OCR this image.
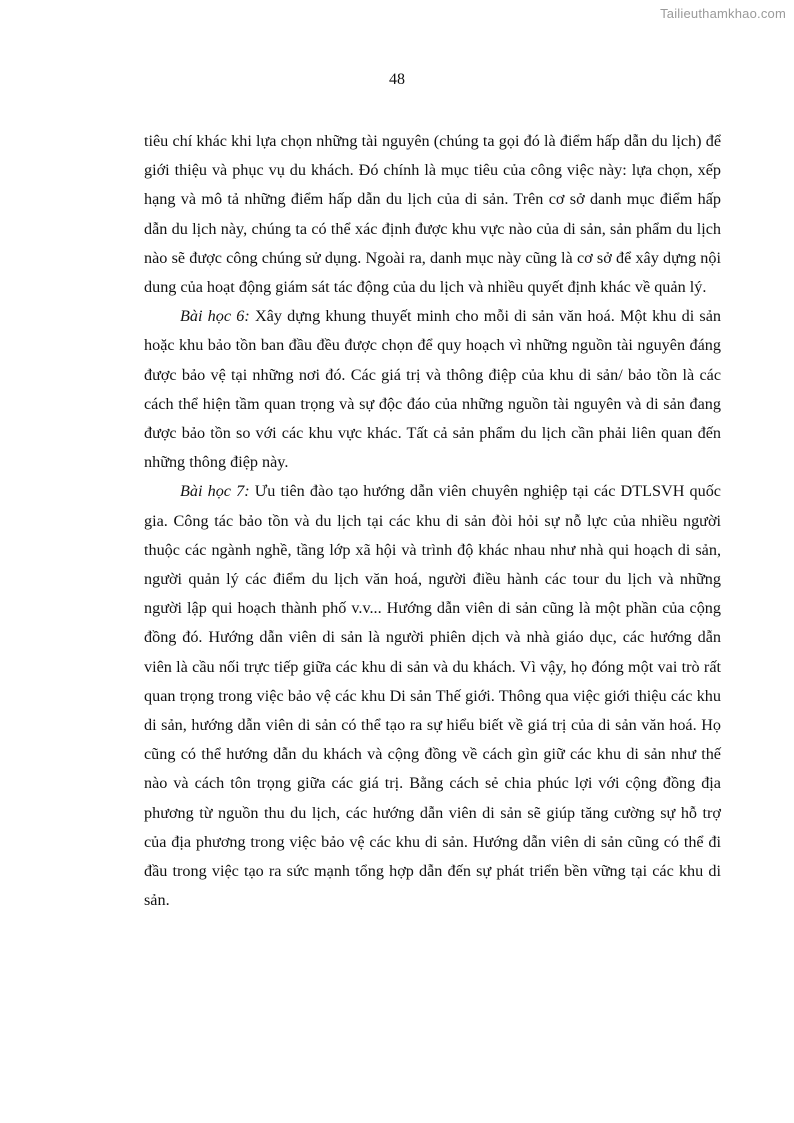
Tailieuthamkhao.com
48

tiêu chí khác khi lựa chọn những tài nguyên (chúng ta gọi đó là điểm hấp dẫn du lịch) để giới thiệu và phục vụ du khách. Đó chính là mục tiêu của công việc này: lựa chọn, xếp hạng và mô tả những điểm hấp dẫn du lịch của di sản. Trên cơ sở danh mục điểm hấp dẫn du lịch này, chúng ta có thể xác định được khu vực nào của di sản, sản phẩm du lịch nào sẽ được công chúng sử dụng. Ngoài ra, danh mục này cũng là cơ sở để xây dựng nội dung của hoạt động giám sát tác động của du lịch và nhiều quyết định khác về quản lý.

Bài học 6: Xây dựng khung thuyết minh cho mỗi di sản văn hoá. Một khu di sản hoặc khu bảo tồn ban đầu đều được chọn để quy hoạch vì những nguồn tài nguyên đáng được bảo vệ tại những nơi đó. Các giá trị và thông điệp của khu di sản/ bảo tồn là các cách thể hiện tầm quan trọng và sự độc đáo của những nguồn tài nguyên và di sản đang được bảo tồn so với các khu vực khác. Tất cả sản phẩm du lịch cần phải liên quan đến những thông điệp này.

Bài học 7: Ưu tiên đào tạo hướng dẫn viên chuyên nghiệp tại các DTLSVH quốc gia. Công tác bảo tồn và du lịch tại các khu di sản đòi hỏi sự nỗ lực của nhiều người thuộc các ngành nghề, tầng lớp xã hội và trình độ khác nhau như nhà qui hoạch di sản, người quản lý các điểm du lịch văn hoá, người điều hành các tour du lịch và những người lập qui hoạch thành phố v.v... Hướng dẫn viên di sản cũng là một phần của cộng đồng đó. Hướng dẫn viên di sản là người phiên dịch và nhà giáo dục, các hướng dẫn viên là cầu nối trực tiếp giữa các khu di sản và du khách. Vì vậy, họ đóng một vai trò rất quan trọng trong việc bảo vệ các khu Di sản Thế giới. Thông qua việc giới thiệu các khu di sản, hướng dẫn viên di sản có thể tạo ra sự hiểu biết về giá trị của di sản văn hoá. Họ cũng có thể hướng dẫn du khách và cộng đồng về cách gìn giữ các khu di sản như thế nào và cách tôn trọng giữa các giá trị. Bằng cách sẻ chia phúc lợi với cộng đồng địa phương từ nguồn thu du lịch, các hướng dẫn viên di sản sẽ giúp tăng cường sự hỗ trợ của địa phương trong việc bảo vệ các khu di sản. Hướng dẫn viên di sản cũng có thể đi đầu trong việc tạo ra sức mạnh tổng hợp dẫn đến sự phát triển bền vững tại các khu di sản.
